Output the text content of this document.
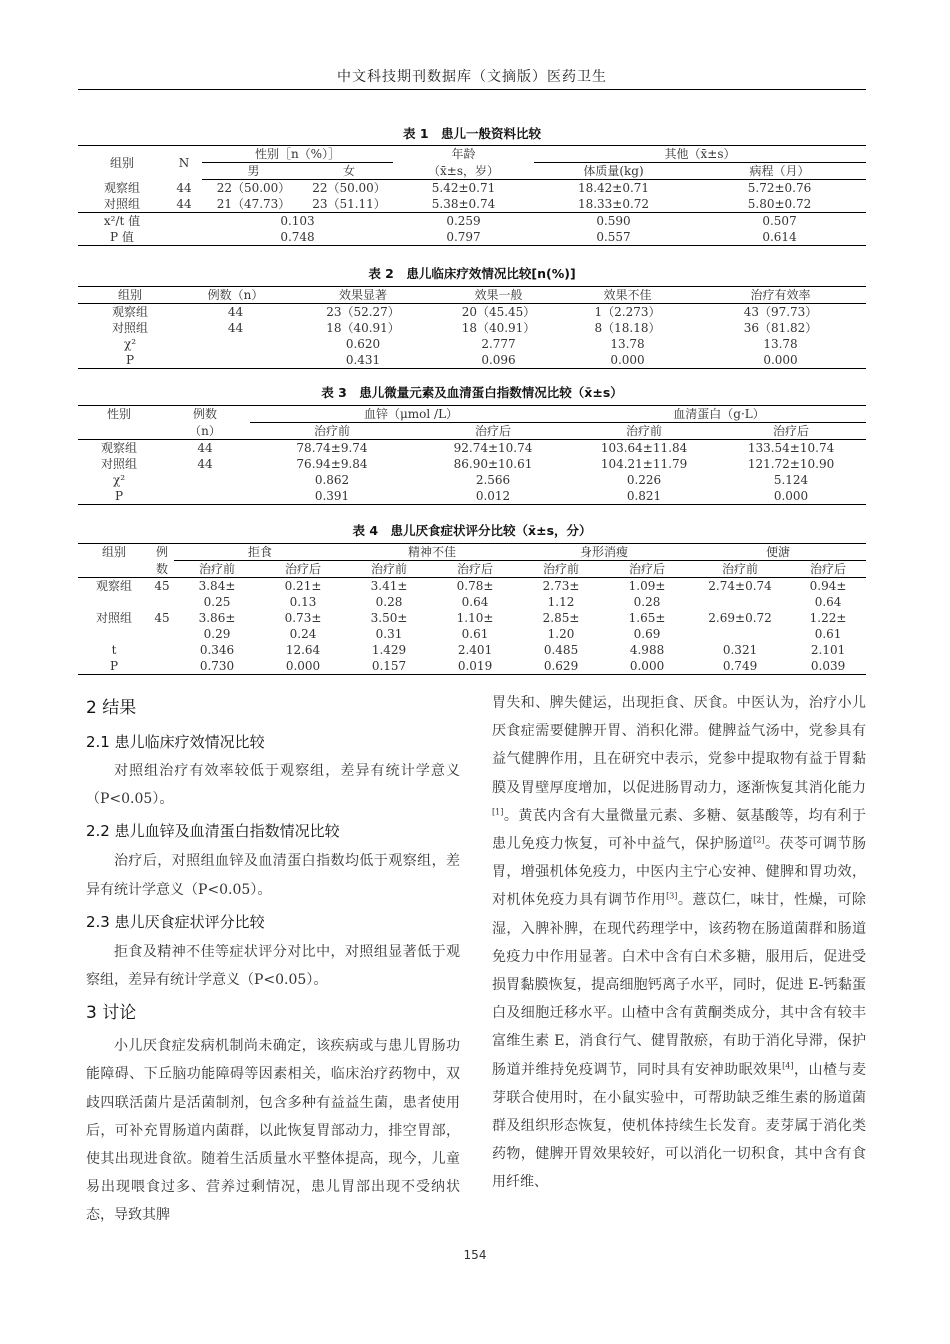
中文科技期刊数据库（文摘版）医药卫生
表 1　患儿一般资料比较
组别	N	性别［n（%）］		年龄	其他（x̄±s）	
		男	女	（x̄±s，岁）	体质量(kg)	病程（月）
观察组	44	22（50.00）	22（50.00）	5.42±0.71	18.42±0.71	5.72±0.76
对照组	44	21（47.73）	23（51.11）	5.38±0.74	18.33±0.72	5.80±0.72
x²/t 值		0.103		0.259	0.590	0.507
P 值		0.748		0.797	0.557	0.614
表 2　患儿临床疗效情况比较[n(%)]
组别	例数（n）	效果显著	效果一般	效果不佳	治疗有效率
观察组	44	23（52.27）	20（45.45）	1（2.273）	43（97.73）
对照组	44	18（40.91）	18（40.91）	8（18.18）	36（81.82）
χ²		0.620	2.777	13.78	13.78
P		0.431	0.096	0.000	0.000
表 3　患儿微量元素及血清蛋白指数情况比较（x̄±s）
性别	例数	血锌（μmol /L）		血清蛋白（g·L）	
	（n）	治疗前	治疗后	治疗前	治疗后
观察组	44	78.74±9.74	92.74±10.74	103.64±11.84	133.54±10.74
对照组	44	76.94±9.84	86.90±10.61	104.21±11.79	121.72±10.90
χ²		0.862	2.566	0.226	5.124
P		0.391	0.012	0.821	0.000
表 4　患儿厌食症状评分比较（x̄±s，分）
组别	例	拒食		精神不佳		身形消瘦		便溏	
	数	治疗前	治疗后	治疗前	治疗后	治疗前	治疗后	治疗前	治疗后
观察组	45	3.84±	0.21±	3.41±	0.78±	2.73±	1.09±	2.74±0.74	0.94±
		0.25	0.13	0.28	0.64	1.12	0.28		0.64
对照组	45	3.86±	0.73±	3.50±	1.10±	2.85±	1.65±	2.69±0.72	1.22±
		0.29	0.24	0.31	0.61	1.20	0.69		0.61
t		0.346	12.64	1.429	2.401	0.485	4.988	0.321	2.101
P		0.730	0.000	0.157	0.019	0.629	0.000	0.749	0.039
2 结果
2.1 患儿临床疗效情况比较

对照组治疗有效率较低于观察组，差异有统计学意义（P<0.05）。

2.2 患儿血锌及血清蛋白指数情况比较

治疗后，对照组血锌及血清蛋白指数均低于观察组，差异有统计学意义（P<0.05）。

2.3 患儿厌食症状评分比较

拒食及精神不佳等症状评分对比中，对照组显著低于观察组，差异有统计学意义（P<0.05）。

3 讨论

小儿厌食症发病机制尚未确定，该疾病或与患儿胃肠功能障碍、下丘脑功能障碍等因素相关，临床治疗药物中，双歧四联活菌片是活菌制剂，包含多种有益益生菌，患者使用后，可补充胃肠道内菌群，以此恢复胃部动力，排空胃部，使其出现进食欲。随着生活质量水平整体提高，现今，儿童易出现喂食过多、营养过剩情况，患儿胃部出现不受纳状态，导致其脾

胃失和、脾失健运，出现拒食、厌食。中医认为，治疗小儿厌食症需要健脾开胃、消积化滞。健脾益气汤中，党参具有益气健脾作用，且在研究中表示，党参中提取物有益于胃黏膜及胃壁厚度增加，以促进肠胃动力，逐渐恢复其消化能力[1]。黄芪内含有大量微量元素、多糖、氨基酸等，均有利于患儿免疫力恢复，可补中益气，保护肠道[2]。茯苓可调节肠胃，增强机体免疫力，中医内主宁心安神、健脾和胃功效，对机体免疫力具有调节作用[3]。薏苡仁，味甘，性燥，可除湿，入脾补脾，在现代药理学中，该药物在肠道菌群和肠道免疫力中作用显著。白术中含有白术多糖，服用后，促进受损胃黏膜恢复，提高细胞钙离子水平，同时，促进 E-钙黏蛋白及细胞迁移水平。山楂中含有黄酮类成分，其中含有较丰富维生素 E，消食行气、健胃散瘀，有助于消化导滞，保护肠道并维持免疫调节，同时具有安神助眠效果[4]，山楂与麦芽联合使用时，在小鼠实验中，可帮助缺乏维生素的肠道菌群及组织形态恢复，使机体持续生长发育。麦芽属于消化类药物，健脾开胃效果较好，可以消化一切积食，其中含有食用纤维、

154
